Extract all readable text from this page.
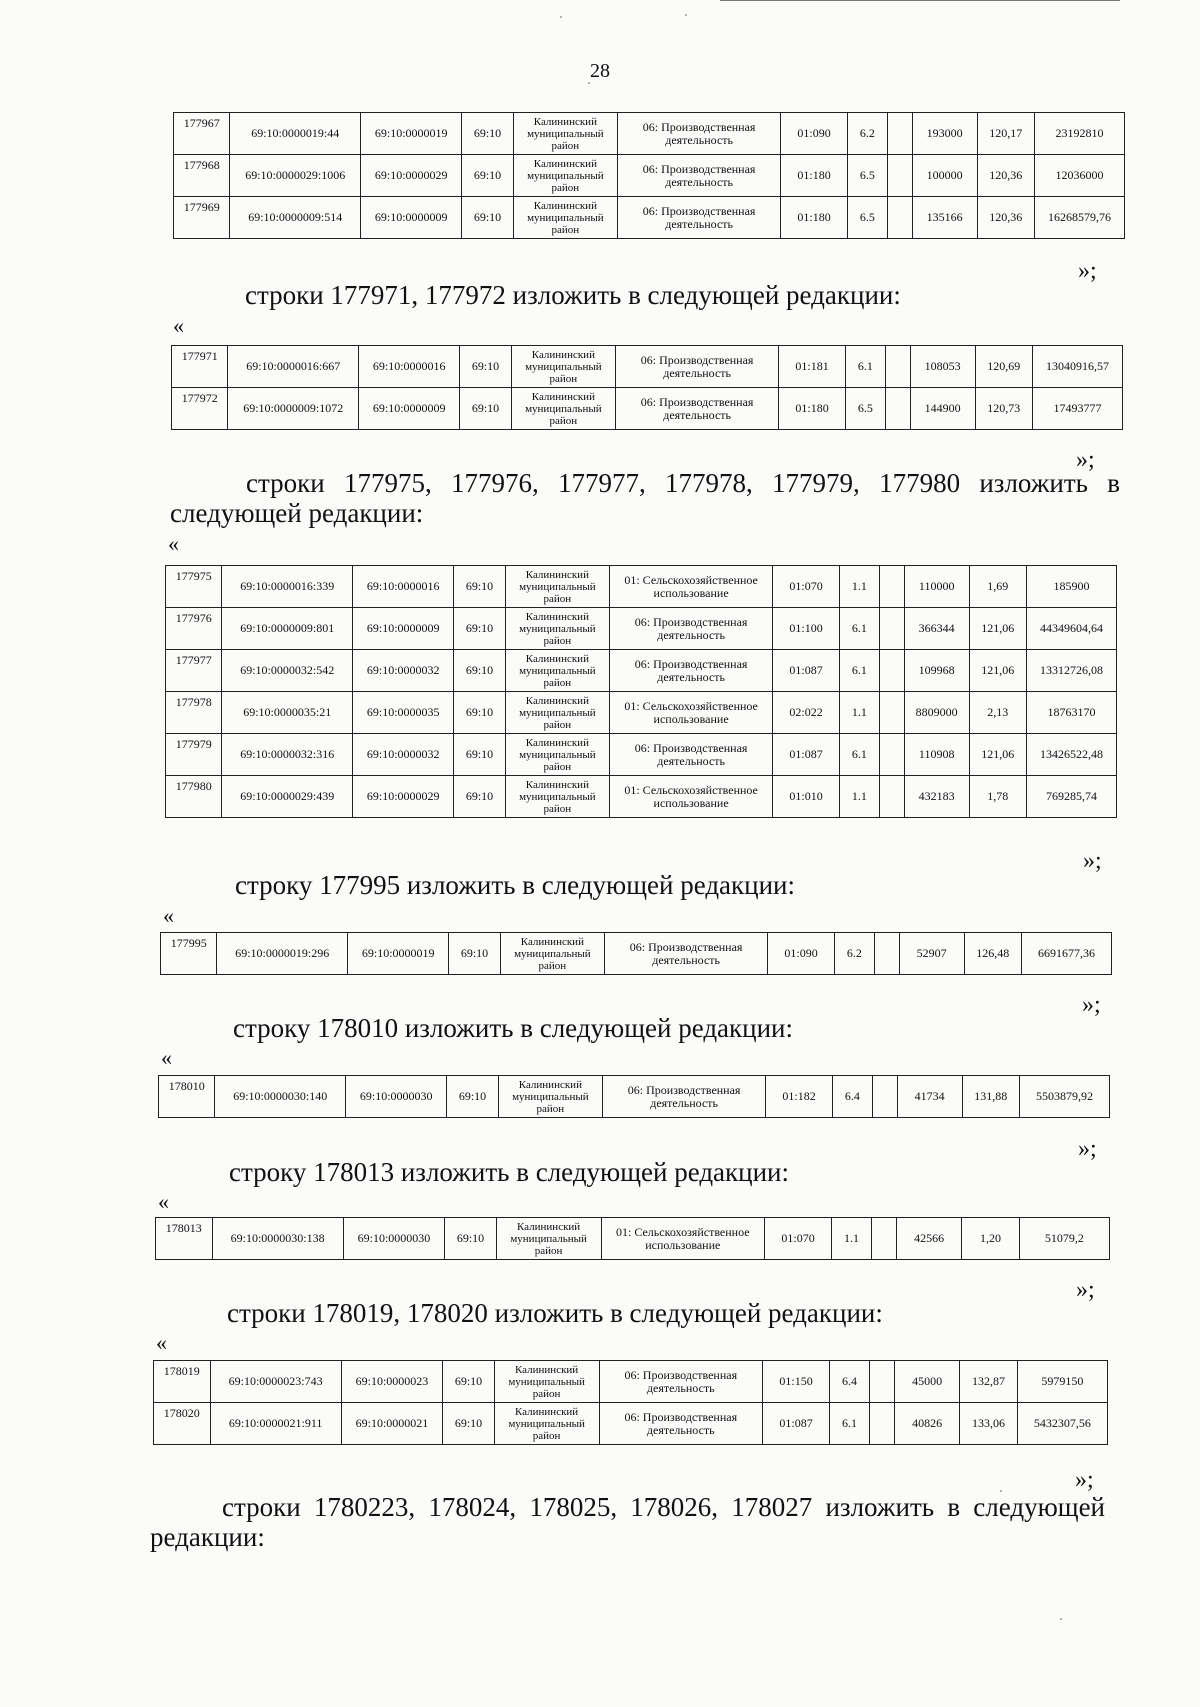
28
177967	69:10:0000019:44	69:10:0000019	69:10	Калининский муниципальный район	06: Производственная деятельность	01:090	6.2		193000	120,17	23192810
177968	69:10:0000029:1006	69:10:0000029	69:10	Калининский муниципальный район	06: Производственная деятельность	01:180	6.5		100000	120,36	12036000
177969	69:10:0000009:514	69:10:0000009	69:10	Калининский муниципальный район	06: Производственная деятельность	01:180	6.5		135166	120,36	16268579,76
»;
строки 177971, 177972 изложить в следующей редакции:
«
177971	69:10:0000016:667	69:10:0000016	69:10	Калининский муниципальный район	06: Производственная деятельность	01:181	6.1		108053	120,69	13040916,57
177972	69:10:0000009:1072	69:10:0000009	69:10	Калининский муниципальный район	06: Производственная деятельность	01:180	6.5		144900	120,73	17493777
»;
строки 177975, 177976, 177977, 177978, 177979, 177980 изложить в следующей редакции:
«
177975	69:10:0000016:339	69:10:0000016	69:10	Калининский муниципальный район	01: Сельскохозяйственное использование	01:070	1.1		110000	1,69	185900
177976	69:10:0000009:801	69:10:0000009	69:10	Калининский муниципальный район	06: Производственная деятельность	01:100	6.1		366344	121,06	44349604,64
177977	69:10:0000032:542	69:10:0000032	69:10	Калининский муниципальный район	06: Производственная деятельность	01:087	6.1		109968	121,06	13312726,08
177978	69:10:0000035:21	69:10:0000035	69:10	Калининский муниципальный район	01: Сельскохозяйственное использование	02:022	1.1		8809000	2,13	18763170
177979	69:10:0000032:316	69:10:0000032	69:10	Калининский муниципальный район	06: Производственная деятельность	01:087	6.1		110908	121,06	13426522,48
177980	69:10:0000029:439	69:10:0000029	69:10	Калининский муниципальный район	01: Сельскохозяйственное использование	01:010	1.1		432183	1,78	769285,74
»;
строку 177995 изложить в следующей редакции:
«
177995	69:10:0000019:296	69:10:0000019	69:10	Калининский муниципальный район	06: Производственная деятельность	01:090	6.2		52907	126,48	6691677,36
»;
строку 178010 изложить в следующей редакции:
«
178010	69:10:0000030:140	69:10:0000030	69:10	Калининский муниципальный район	06: Производственная деятельность	01:182	6.4		41734	131,88	5503879,92
»;
строку 178013 изложить в следующей редакции:
«
178013	69:10:0000030:138	69:10:0000030	69:10	Калининский муниципальный район	01: Сельскохозяйственное использование	01:070	1.1		42566	1,20	51079,2
»;
строки 178019, 178020 изложить в следующей редакции:
«
178019	69:10:0000023:743	69:10:0000023	69:10	Калининский муниципальный район	06: Производственная деятельность	01:150	6.4		45000	132,87	5979150
178020	69:10:0000021:911	69:10:0000021	69:10	Калининский муниципальный район	06: Производственная деятельность	01:087	6.1		40826	133,06	5432307,56
»;
строки 1780223, 178024, 178025, 178026, 178027 изложить в следующей редакции:
